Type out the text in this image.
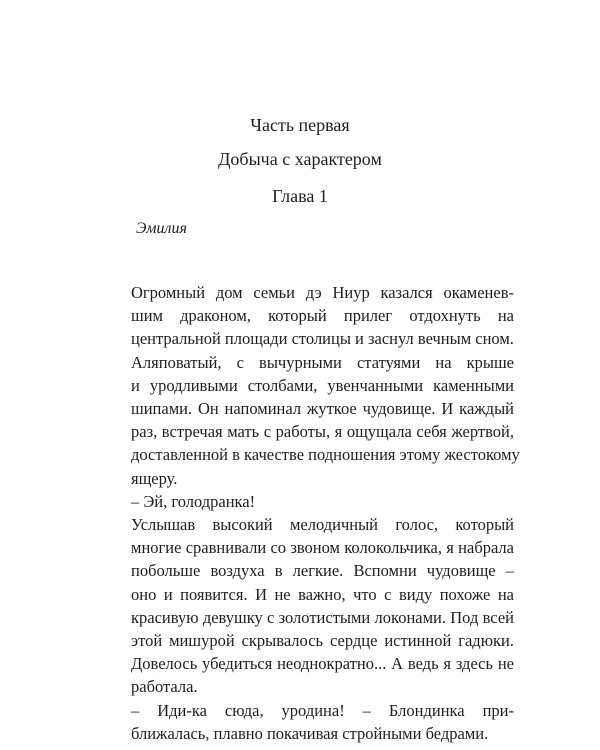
Часть первая
Добыча с характером
Глава 1

Эмилия

Огромный дом семьи дэ Ниур казался окаменев-
шим драконом, который прилег отдохнуть на
центральной площади столицы и заснул вечным сном.

Аляповатый, с вычурными статуями на крыше
и уродливыми столбами, увенчанными каменными
шипами. Он напоминал жуткое чудовище. И каждый
раз, встречая мать с работы, я ощущала себя жертвой,
доставленной в качестве подношения этому жестокому
ящеру.

– Эй, голодранка!

Услышав высокий мелодичный голос, который
многие сравнивали со звоном колокольчика, я набрала
побольше воздуха в легкие. Вспомни чудовище –
оно и появится. И не важно, что с виду похоже на
красивую девушку с золотистыми локонами. Под всей
этой мишурой скрывалось сердце истинной гадюки.
Довелось убедиться неоднократно... А ведь я здесь не
работала.

– Иди-ка сюда, уродина! – Блондинка при-
ближалась, плавно покачивая стройными бедрами.
